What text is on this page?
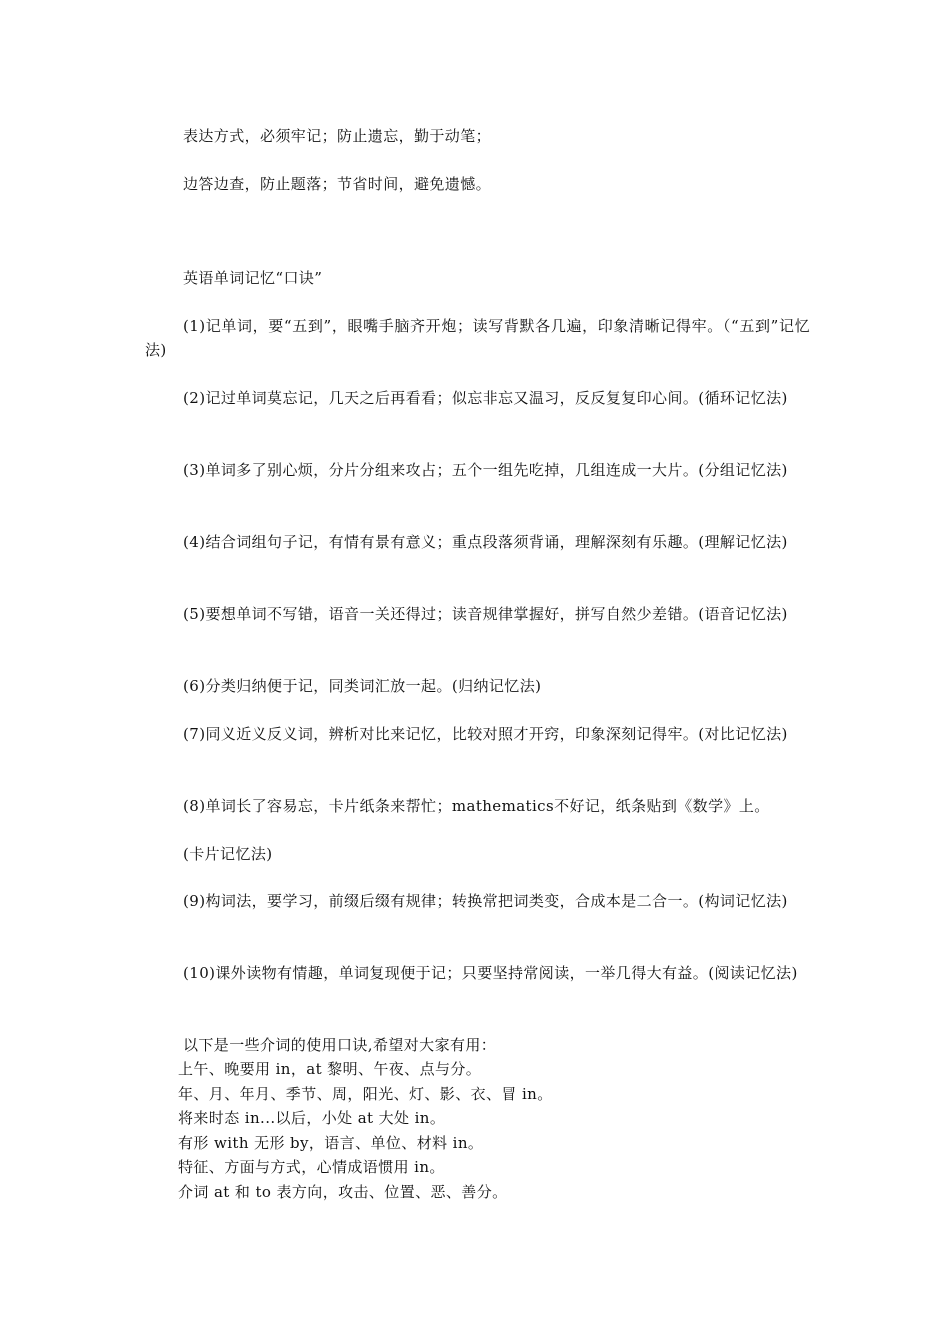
表达方式，必须牢记；防止遗忘，勤于动笔；
边答边查，防止题落；节省时间，避免遗憾。
英语单词记忆“口诀”
(1)记单词，要“五到”，眼嘴手脑齐开炮；读写背默各几遍，印象清晰记得牢。（“五到”记忆法)
(2)记过单词莫忘记，几天之后再看看；似忘非忘又温习，反反复复印心间。(循环记忆法)
(3)单词多了别心烦，分片分组来攻占；五个一组先吃掉，几组连成一大片。(分组记忆法)
(4)结合词组句子记，有情有景有意义；重点段落须背诵，理解深刻有乐趣。(理解记忆法)
(5)要想单词不写错，语音一关还得过；读音规律掌握好，拼写自然少差错。(语音记忆法)
(6)分类归纳便于记，同类词汇放一起。(归纳记忆法)
(7)同义近义反义词，辨析对比来记忆，比较对照才开窍，印象深刻记得牢。(对比记忆法)
(8)单词长了容易忘，卡片纸条来帮忙；mathematics不好记，纸条贴到《数学》上。
(卡片记忆法)
(9)构词法，要学习，前缀后缀有规律；转换常把词类变，合成本是二合一。(构词记忆法)
(10)课外读物有情趣，单词复现便于记；只要坚持常阅读，一举几得大有益。(阅读记忆法)
以下是一些介词的使用口诀,希望对大家有用：
上午、晚要用 in，at 黎明、午夜、点与分。
年、月、年月、季节、周，阳光、灯、影、衣、冒 in。
将来时态 in...以后，小处 at 大处 in。
有形 with 无形 by，语言、单位、材料 in。
特征、方面与方式，心情成语惯用 in。
介词 at 和 to 表方向，攻击、位置、恶、善分。
